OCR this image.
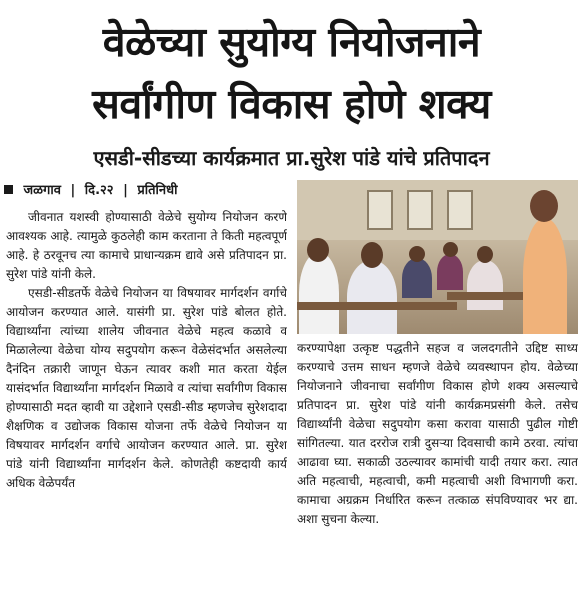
वेळेच्या सुयोग्य नियोजनाने
सर्वांगीण विकास होणे शक्य
एसडी-सीडच्या कार्यक्रमात प्रा.सुरेश पांडे यांचे प्रतिपादन
जळगाव | दि.२२ | प्रतिनिधी

जीवनात यशस्वी होण्यासाठी वेळेचे सुयोग्य नियोजन करणे आवश्यक आहे. त्यामुळे कुठलेही काम करताना ते किती महत्वपूर्ण आहे. हे ठरवूनच त्या कामाचे प्राधान्यक्रम द्यावे असे प्रतिपादन प्रा. सुरेश पांडे यांनी केले.

एसडी-सीडतर्फे वेळेचे नियोजन या विषयावर मार्गदर्शन वर्गाचे आयोजन करण्यात आले. यासंगी प्रा. सुरेश पांडे बोलत होते. विद्यार्थ्यांना त्यांच्या शालेय जीवनात वेळेचे महत्व कळावे व मिळालेल्या वेळेचा योग्य सदुपयोग करून वेळेसंदर्भात असलेल्या दैनंदिन तक्रारी जाणून घेऊन त्यावर कशी मात करता येईल यासंदर्भात विद्यार्थ्यांना मार्गदर्शन मिळावे व त्यांचा सर्वांगीण विकास होण्यासाठी मदत व्हावी या उद्देशाने एसडी-सीड म्हणजेच सुरेशदादा शैक्षणिक व उद्योजक विकास योजना तर्फे वेळेचे नियोजन या विषयावर मार्गदर्शन वर्गाचे आयोजन करण्यात आले. प्रा. सुरेश पांडे यांनी विद्यार्थ्यांना मार्गदर्शन केले. कोणतेही कष्टदायी कार्य अधिक वेळेपर्यंत

करण्यापेक्षा उत्कृष्ट पद्धतीने सहज व जलदगतीने उद्दिष्ट साध्य करण्याचे उत्तम साधन म्हणजे वेळेचे व्यवस्थापन होय. वेळेच्या नियोजनाने जीवनाचा सर्वांगीण विकास होणे शक्य असल्याचे प्रतिपादन प्रा. सुरेश पांडे यांनी कार्यक्रमप्रसंगी केले. तसेच विद्यार्थ्यांनी वेळेचा सदुपयोग कसा करावा यासाठी पुढील गोष्टी सांगितल्या. यात दररोज रात्री दुसऱ्या दिवसाची कामे ठरवा. त्यांचा आढावा घ्या. सकाळी उठल्यावर कामांची यादी तयार करा. त्यात अति महत्वाची, महत्वाची, कमी महत्वाची अशी विभागणी करा. कामाचा अग्रक्रम निर्धारित करून तत्काळ संपविण्यावर भर द्या. अशा सुचना केल्या.
